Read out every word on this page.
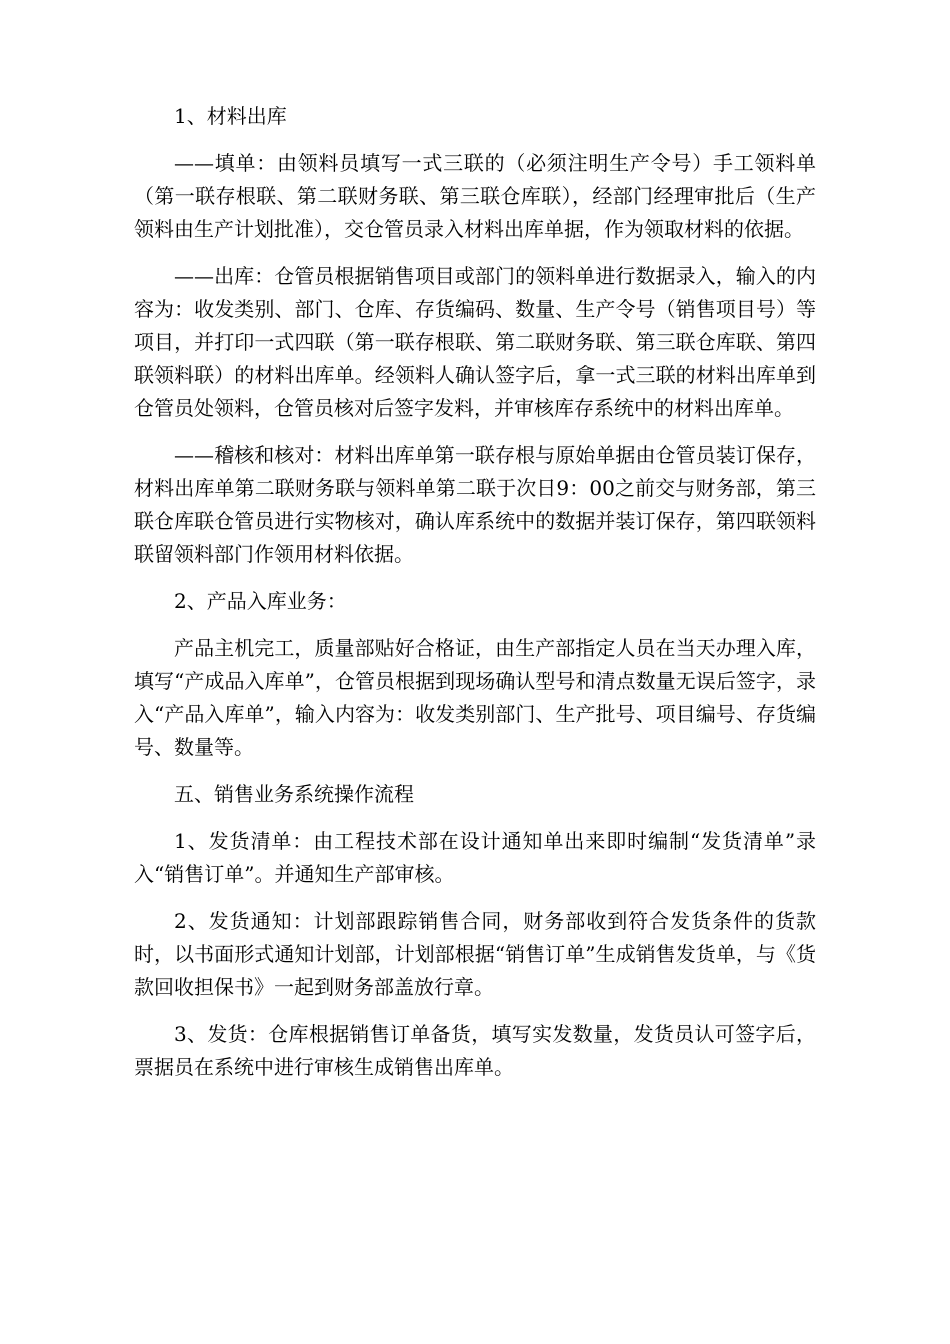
1、材料出库

——填单：由领料员填写一式三联的（必须注明生产令号）手工领料单（第一联存根联、第二联财务联、第三联仓库联），经部门经理审批后（生产领料由生产计划批准），交仓管员录入材料出库单据，作为领取材料的依据。

——出库：仓管员根据销售项目或部门的领料单进行数据录入，输入的内容为：收发类别、部门、仓库、存货编码、数量、生产令号（销售项目号）等项目，并打印一式四联（第一联存根联、第二联财务联、第三联仓库联、第四联领料联）的材料出库单。经领料人确认签字后，拿一式三联的材料出库单到仓管员处领料，仓管员核对后签字发料，并审核库存系统中的材料出库单。

——稽核和核对：材料出库单第一联存根与原始单据由仓管员装订保存，材料出库单第二联财务联与领料单第二联于次日9：00之前交与财务部，第三联仓库联仓管员进行实物核对，确认库系统中的数据并装订保存，第四联领料联留领料部门作领用材料依据。

2、产品入库业务：

产品主机完工，质量部贴好合格证，由生产部指定人员在当天办理入库，填写“产成品入库单”，仓管员根据到现场确认型号和清点数量无误后签字，录入“产品入库单”，输入内容为：收发类别部门、生产批号、项目编号、存货编号、数量等。

五、销售业务系统操作流程

1、发货清单：由工程技术部在设计通知单出来即时编制“发货清单”录入“销售订单”。并通知生产部审核。

2、发货通知：计划部跟踪销售合同，财务部收到符合发货条件的货款时，以书面形式通知计划部，计划部根据“销售订单”生成销售发货单，与《货款回收担保书》一起到财务部盖放行章。

3、发货：仓库根据销售订单备货，填写实发数量，发货员认可签字后，票据员在系统中进行审核生成销售出库单。
